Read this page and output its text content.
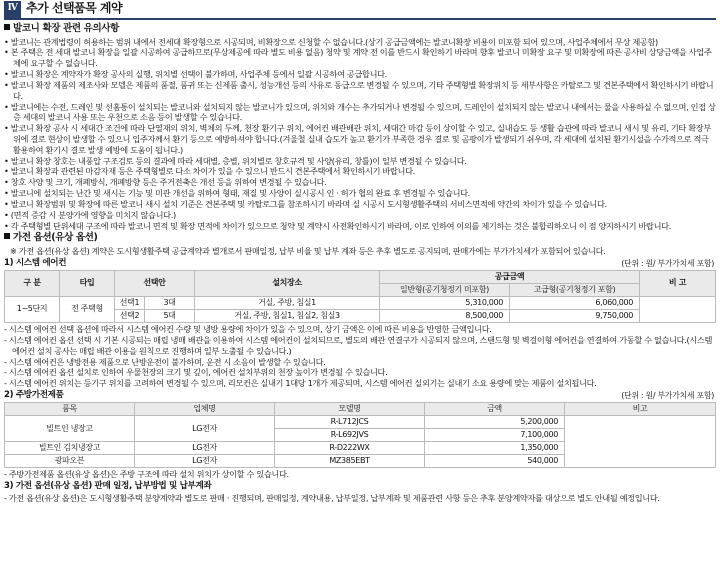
Ⅳ 추가 선택품목 계약
발코니 확장 관련 유의사항
• 발코니는 관계법령이 허용하는 범위 내에서 전세대 확장형으로 시공되며, 비확장으로 신청할 수 없습니다.(상기 공급금액에는 발코니확장 비용이 미포함 되어 있으며, 사업주체에서 무상 제공함)
• 본 주택은 전 세대 발코니 확장을 일괄 시공하여 공급하므로(무상제공에 따라 별도 비용 없음) 청약 및 계약 전 이를 반드시 확인하기 바라며 향후 발코니 미확장 요구 및 미확장에 따른 공사비 상당금액을 사업주체에 요구할 수 없습니다.
• 발코니 확장은 계약자가 확장 공사의 실행, 위치별 선택이 불가하며, 사업주체 등에서 일괄 시공하여 공급합니다.
• 발코니 확장 제품의 제조사와 모델은 제품의 품절, 품귀 또는 신제품 출시, 성능개선 등의 사유로 동급으로 변경될 수 있으며, 기타 주택형별 확장위치 등 세부사항은 카탈로그 및 견본주택에서 확인하시기 바랍니다.
• 발코니에는 수전, 드레인 및 선홈통이 설치되는 발코니와 설치되지 않는 발코니가 있으며, 위치와 개수는 추가되거나 변경될 수 있으며, 드레인이 설치되지 않는 발코니 내에서는 물을 사용하실 수 없으며, 인접 상층 세대의 발코니 사용 또는 우천으로 소음 등이 발생할 수 있습니다.
• 발코니 확장 공사 시 세대간 조건에 따라 단열재의 위치, 벽체의 두께, 천장 환기구 위치, 에어컨 배관배관 위치, 세대간 마감 등이 상이할 수 있고, 실내습도 등 생활 습관에 따라 발코니 새시 및 유리, 기타 확장부위에 결로 현상이 발생할 수 있으니 입주자께서 환기 등으로 예방하셔야 합니다.(겨울철 실내 습도가 높고 환기가 부족한 경우 결로 및 곰팡이가 발생되기 쉬우며, 각 세대에 설치된 환기시설을 수가적으로 적극 활용하여 환기시 결로 발생 예방에 도움이 됩니다.)
• 발코니 확장 창호는 내풍압 구조검토 등의 결과에 따라 세대별, 층별, 위치별로 창호규격 및 사양(유리, 창틀)이 일부 변경될 수 있습니다.
• 발코니 확장과 관련된 마감자재 등은 주택형별로 다소 차이가 있을 수 있으니 반드시 견본주택에서 확인하시기 바랍니다.
• 창호 사양 및 크기, 개폐방식, 개폐방향 등은 주거전축은 개선 등을 위하여 변경될 수 있습니다.
• 발코니에 설치되는 난간 및 새시는 기능 및 미관 개선을 위하여 형태, 재질 및 사양이 실시공시 인 · 허가 협의 완료 후 변경될 수 있습니다.
• 발코니 확장범위 및 확장에 따른 발코니 새시 설치 기준은 견본주택 및 카탈로그를 참조하시기 바라며 실 시공시 도시형생활주택의 서비스면적에 약간의 차이가 있을 수 있습니다.
• (면적 증감 시 분양가에 영향을 미치지 않습니다.)
• 각 주택형별 단위세대 구조에 따라 발코니 면적 및 확장 면적에 차이가 있으므로 청약 및 계약시 사전확인하시기 바라며, 이로 인하여 이의를 제기하는 것은 불합리하오니 이 점 양지하시기 바랍니다.
가전 옵션(유상 옵션)
※ 가전 옵션(유상 옵션) 계약은 도시형생활주택 공급계약과 별개로서 판매일정, 납부 비율 및 납부 계좌 등은 추후 별도로 공지되며, 판매가에는 부가가치세가 포함되어 있습니다.
1) 시스템 에어컨	(단위 : 원/ 부가가치세 포함)
구 분	타입	선택안		설치장소	공급금액		비 고
					일반형(공기청정기 미포함)	고급형(공기청정기 포함)	
1~5단지	전 주택형	선택1	3대	거실, 주방, 침실1	5,310,000	6,060,000	
		선택2	5대	거실, 주방, 침실1, 침실2, 침실3	8,500,000	9,750,000	
- 시스템 에어컨 선택 옵션에 따라서 시스템 에어컨 수량 및 냉방 용량에 차이가 있을 수 있으며, 상기 금액은 이에 따른 비용을 반영한 금액입니다.
- 시스템 에어컨 옵션 선택 시 기본 시공되는 매립 냉매 배관을 이용하여 시스템 에어컨이 설치되므로, 별도의 배관 연결구가 시공되지 않으며, 스탠드형 및 벽걸이형 에어컨을 연결하여 가동할 수 없습니다.(시스템에어컨 설치 공사는 매립 배관 이용을 원칙으로 진행하며 일부 노출될 수 있습니다.)
- 시스템 에어컨은 냉방전용 제품으로 난방운전이 불가하며, 운전 시 소음이 발생할 수 있습니다.
- 시스템 에어컨 옵션 설치로 인하여 우물천장의 크기 및 깊이, 에어컨 설치부위의 천장 높이가 변경될 수 있습니다.
- 시스템 에어컨 위치는 등기구 위치를 고려하여 변경될 수 있으며, 리모컨은 실내기 1대당 1개가 제공되며, 시스템 에어컨 실외기는 실내기 소요 용량에 맞는 제품이 설치됩니다.
2) 주방가전제품	(단위 : 원/ 부가가치세 포함)
품목	업체명	모델명	금액	비고
빌트인 냉장고	LG전자	R-L712JCS	5,200,000	
		R-L692JVS	7,100,000	
빌트인 김치냉장고	LG전자	R-D222WX	1,350,000	
광파오븐	LG전자	MZ385EBT	540,000	
- 주방가전제품 옵션(유상 옵션)은 주방 구조에 따라 설치 위치가 상이할 수 있습니다.
3) 가전 옵션(유상 옵션) 판매 일정, 납부방법 및 납부계좌
- 가전 옵션(유상 옵션)은 도시형생활주택 분양계약과 별도로 판매 · 진행되며, 판매일정, 계약내용, 납부일정, 납부계좌 및 제품관련 사항 등은 추후 분양계약자를 대상으로 별도 안내될 예정입니다.
